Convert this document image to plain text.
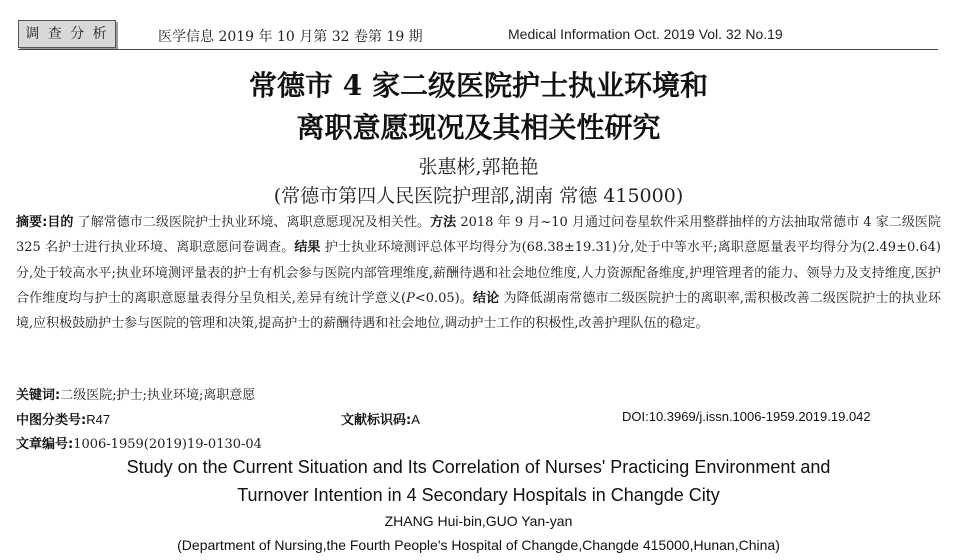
调 查 分 析	医学信息 2019 年 10 月第 32 卷第 19 期	Medical Information Oct. 2019 Vol. 32 No.19
常德市 4 家二级医院护士执业环境和
离职意愿现况及其相关性研究
张惠彬,郭艳艳
(常德市第四人民医院护理部,湖南 常德 415000)
摘要:目的 了解常德市二级医院护士执业环境、离职意愿现况及相关性。方法 2018 年 9 月~10 月通过问卷星软件采用整群抽样的方法抽取常德市 4 家二级医院 325 名护士进行执业环境、离职意愿问卷调查。结果 护士执业环境测评总体平均得分为(68.38±19.31)分,处于中等水平;离职意愿量表平均得分为(2.49±0.64)分,处于较高水平;执业环境测评量表的护士有机会参与医院内部管理维度,薪酬待遇和社会地位维度,人力资源配备维度,护理管理者的能力、领导力及支持维度,医护合作维度均与护士的离职意愿量表得分呈负相关,差异有统计学意义(P<0.05)。结论 为降低湖南常德市二级医院护士的离职率,需积极改善二级医院护士的执业环境,应积极鼓励护士参与医院的管理和决策,提高护士的薪酬待遇和社会地位,调动护士工作的积极性,改善护理队伍的稳定。
关键词:二级医院;护士;执业环境;离职意愿
中图分类号:R47	文献标识码:A	DOI:10.3969/j.issn.1006-1959.2019.19.042
文章编号:1006-1959(2019)19-0130-04
Study on the Current Situation and Its Correlation of Nurses' Practicing Environment and
Turnover Intention in 4 Secondary Hospitals in Changde City
ZHANG Hui-bin,GUO Yan-yan
(Department of Nursing,the Fourth People's Hospital of Changde,Changde 415000,Hunan,China)
